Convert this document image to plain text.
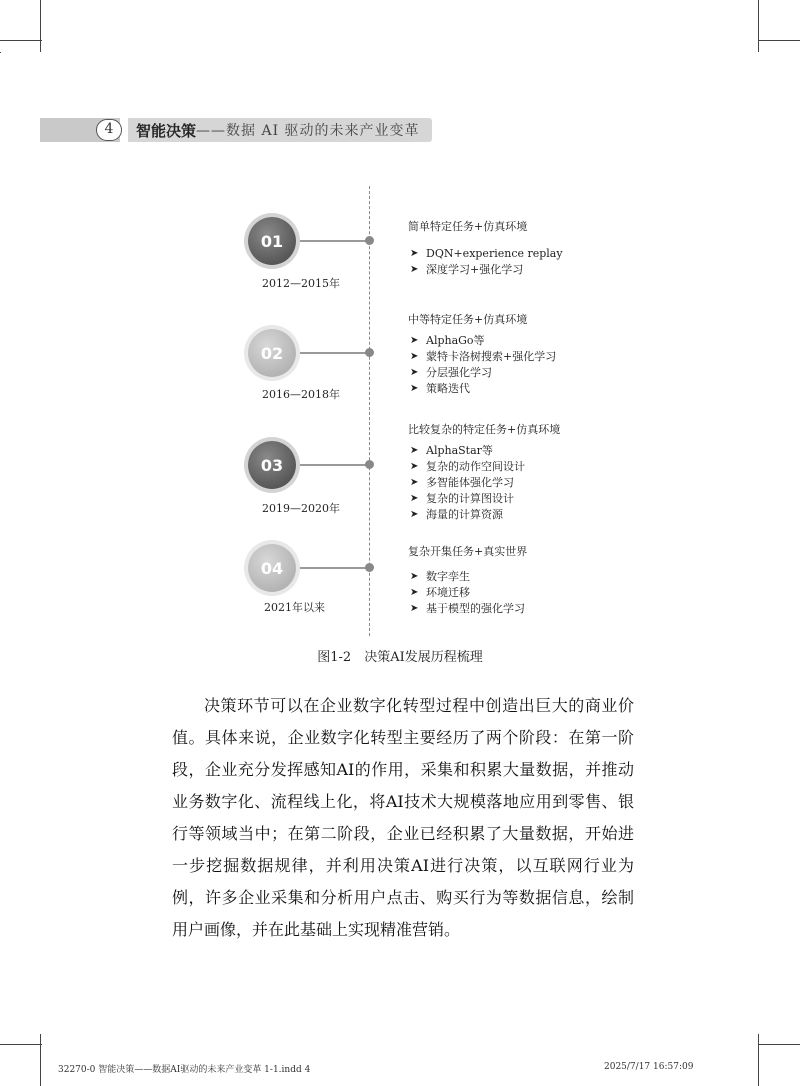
4	智能决策 ——数据 AI 驱动的未来产业变革
01
2012—2015年
简单特定任务+仿真环境
➤ DQN+experience replay
➤ 深度学习+强化学习
02
2016—2018年
中等特定任务+仿真环境
➤ AlphaGo等
➤ 蒙特卡洛树搜索+强化学习
➤ 分层强化学习
➤ 策略迭代
03
2019—2020年
比较复杂的特定任务+仿真环境
➤ AlphaStar等
➤ 复杂的动作空间设计
➤ 多智能体强化学习
➤ 复杂的计算图设计
➤ 海量的计算资源
04
2021年以来
复杂开集任务+真实世界
➤ 数字孪生
➤ 环境迁移
➤ 基于模型的强化学习
图1-2　决策AI发展历程梳理

决策环节可以在企业数字化转型过程中创造出巨大的商业价值。具体来说，企业数字化转型主要经历了两个阶段：在第一阶段，企业充分发挥感知AI的作用，采集和积累大量数据，并推动业务数字化、流程线上化，将AI技术大规模落地应用到零售、银行等领域当中；在第二阶段，企业已经积累了大量数据，开始进一步挖掘数据规律，并利用决策AI进行决策，以互联网行业为例，许多企业采集和分析用户点击、购买行为等数据信息，绘制用户画像，并在此基础上实现精准营销。

32270-0 智能决策——数据AI驱动的未来产业变革 1-1.indd 4	2025/7/17 16:57:09
